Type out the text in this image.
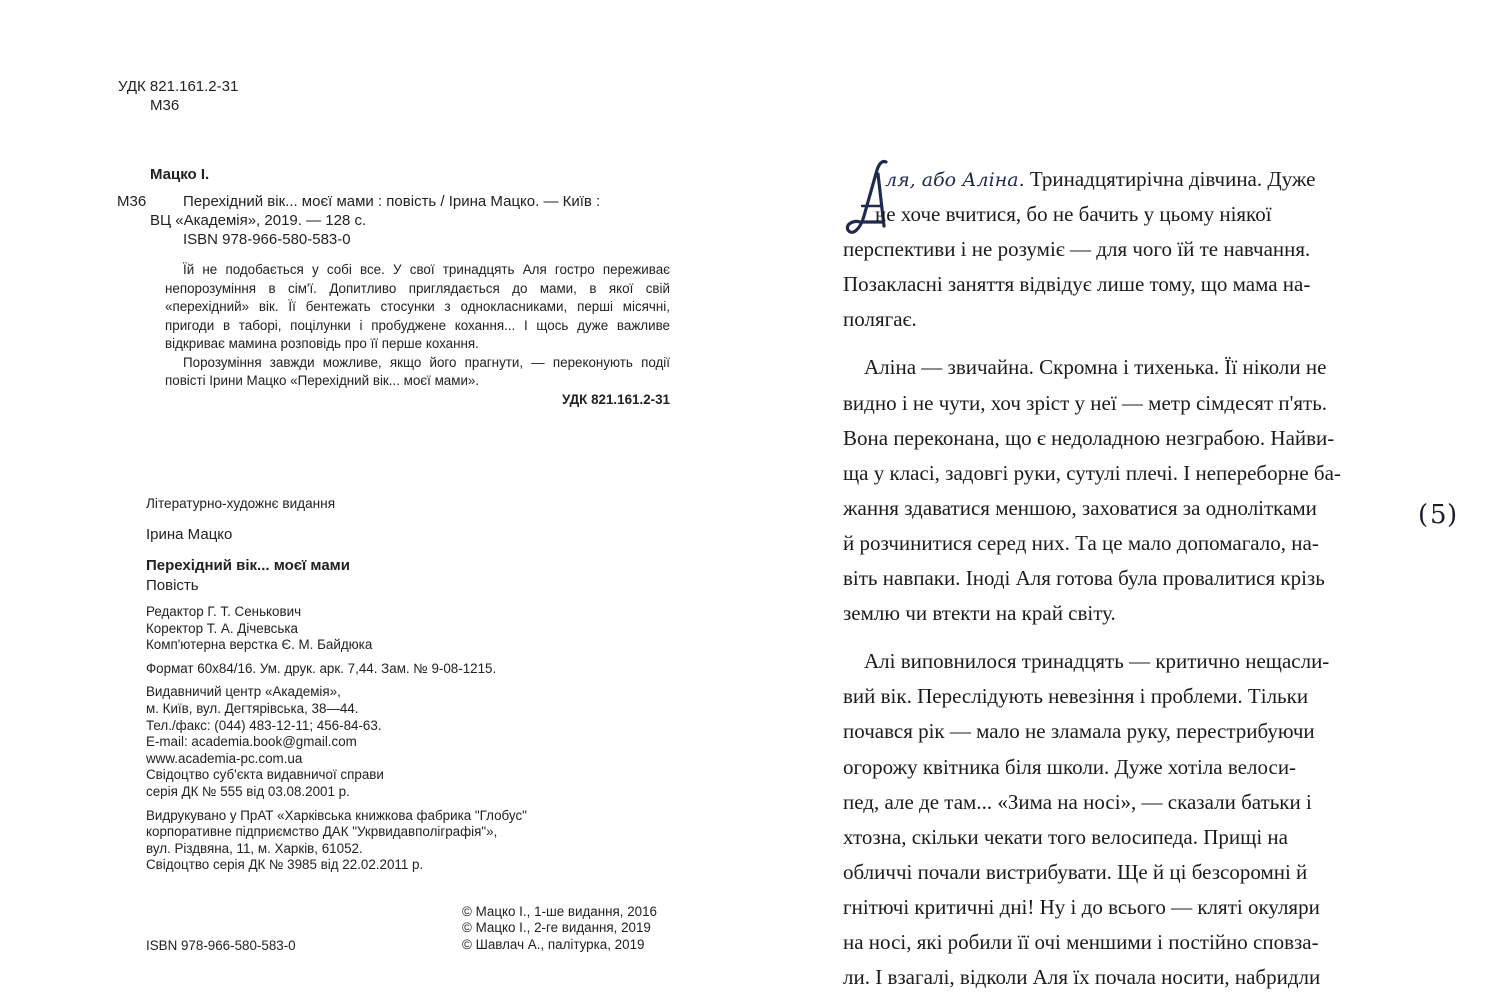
УДК 821.161.2-31
М36
Мацко І.
М36 Перехідний вік... моєї мами : повість / Ірина Мацко. — Київ :
ВЦ «Академія», 2019. — 128 с.
ISBN 978-966-580-583-0

Їй не подобається у собі все. У свої тринадцять Аля гостро переживає непорозуміння в сім'ї. Допитливо приглядається до мами, в якої свій «перехідний» вік. Її бентежать стосунки з однокласниками, перші місячні, пригоди в таборі, поцілунки і пробуджене кохання... І щось дуже важливе відкриває мамина розповідь про її перше кохання.

Порозуміння завжди можливе, якщо його прагнути, — переконують події повісті Ірини Мацко «Перехідний вік... моєї мами».

УДК 821.161.2-31

Літературно-художнє видання
Ірина Мацко
Перехідний вік... моєї мами
Повість
Редактор Г. Т. Сенькович
Коректор Т. А. Дічевська
Комп'ютерна верстка Є. М. Байдюка
Формат 60x84/16. Ум. друк. арк. 7,44. Зам. № 9-08-1215.
Видавничий центр «Академія»,
м. Київ, вул. Дегтярівська, 38—44.
Тел./факс: (044) 483-12-11; 456-84-63.
E-mail: academia.book@gmail.com
www.academia-pc.com.ua
Свідоцтво суб'єкта видавничої справи
серія ДК № 555 від 03.08.2001 р.
Видрукувано у ПрАТ «Харківська книжкова фабрика "Глобус"
корпоративне підприємство ДАК "Укрвидавполіграфія"»,
вул. Різдвяна, 11, м. Харків, 61052.
Свідоцтво серія ДК № 3985 від 22.02.2011 р.
ISBN 978-966-580-583-0
© Мацко І., 1-ше видання, 2016
© Мацко І., 2-ге видання, 2019
© Шавлач А., палітурка, 2019
ля, або Аліна. Тринадцятирічна дівчина. Дуже
не хоче вчитися, бо не бачить у цьому ніякої
перспективи і не розуміє — для чого їй те навчання.
Позакласні заняття відвідує лише тому, що мама на-
полягає.
Аліна — звичайна. Скромна і тихенька. Її ніколи не
видно і не чути, хоч зріст у неї — метр сімдесят п'ять.
Вона переконана, що є недоладною незграбою. Найви-
ща у класі, задовгі руки, сутулі плечі. І непереборне ба-
жання здаватися меншою, заховатися за однолітками
й розчинитися серед них. Та це мало допомагало, на-
віть навпаки. Іноді Аля готова була провалитися крізь
землю чи втекти на край світу.
Алі виповнилося тринадцять — критично нещасли-
вий вік. Переслідують невезіння і проблеми. Тільки
почався рік — мало не зламала руку, перестрибуючи
огорожу квітника біля школи. Дуже хотіла велоси-
пед, але де там... «Зима на носі», — сказали батьки і
хтозна, скільки чекати того велосипеда. Прищі на
обличчі почали вистрибувати. Ще й ці безсоромні й
гнітючі критичні дні! Ну і до всього — кляті окуляри
на носі, які робили її очі меншими і постійно сповза-
ли. І взагалі, відколи Аля їх почала носити, набридли
( 5 )
